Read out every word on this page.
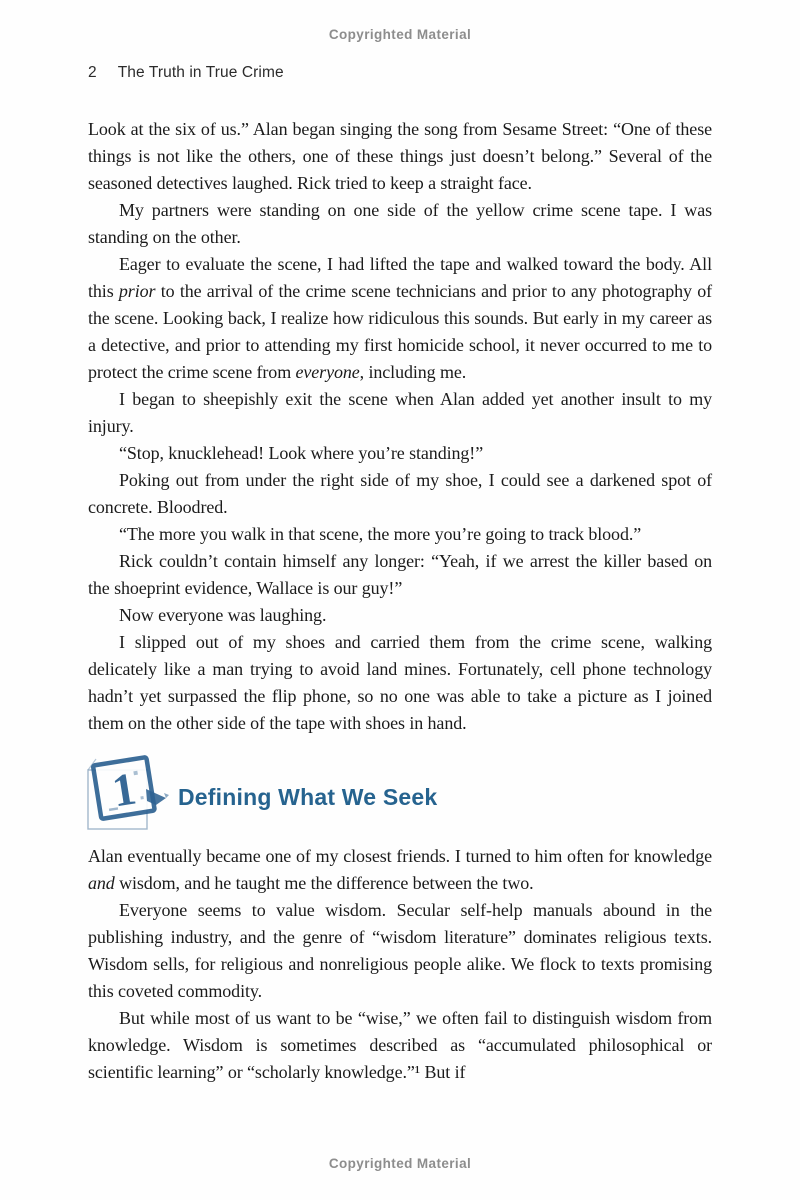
Copyrighted Material
2 The Truth in True Crime

Look at the six of us.” Alan began singing the song from Sesame Street: “One of these things is not like the others, one of these things just doesn’t belong.” Several of the seasoned detectives laughed. Rick tried to keep a straight face.

My partners were standing on one side of the yellow crime scene tape. I was standing on the other.

Eager to evaluate the scene, I had lifted the tape and walked toward the body. All this prior to the arrival of the crime scene technicians and prior to any photography of the scene. Looking back, I realize how ridiculous this sounds. But early in my career as a detective, and prior to attending my first homicide school, it never occurred to me to protect the crime scene from everyone, including me.

I began to sheepishly exit the scene when Alan added yet another insult to my injury.

“Stop, knucklehead! Look where you’re standing!”

Poking out from under the right side of my shoe, I could see a darkened spot of concrete. Bloodred.

“The more you walk in that scene, the more you’re going to track blood.”

Rick couldn’t contain himself any longer: “Yeah, if we arrest the killer based on the shoeprint evidence, Wallace is our guy!”

Now everyone was laughing.

I slipped out of my shoes and carried them from the crime scene, walking delicately like a man trying to avoid land mines. Fortunately, cell phone technology hadn’t yet surpassed the flip phone, so no one was able to take a picture as I joined them on the other side of the tape with shoes in hand.

1 Defining What We Seek

Alan eventually became one of my closest friends. I turned to him often for knowledge and wisdom, and he taught me the difference between the two.

Everyone seems to value wisdom. Secular self-help manuals abound in the publishing industry, and the genre of “wisdom literature” dominates religious texts. Wisdom sells, for religious and nonreligious people alike. We flock to texts promising this coveted commodity.

But while most of us want to be “wise,” we often fail to distinguish wisdom from knowledge. Wisdom is sometimes described as “accumulated philosophical or scientific learning” or “scholarly knowledge.”¹ But if

Copyrighted Material
